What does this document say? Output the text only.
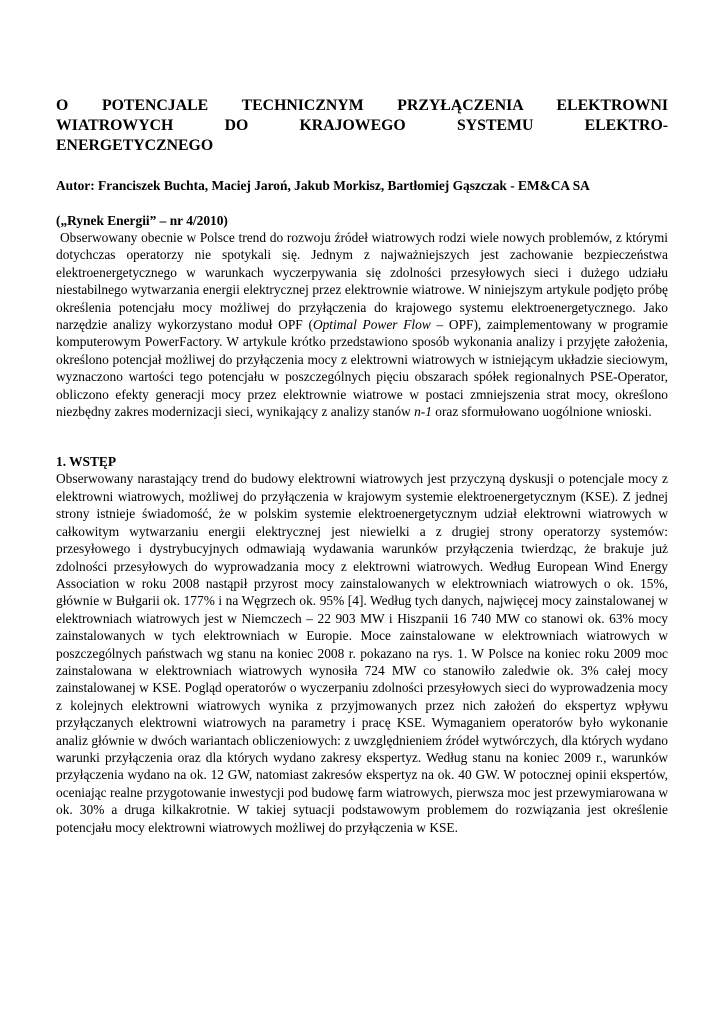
O POTENCJALE TECHNICZNYM PRZYŁĄCZENIA ELEKTROWNI
WIATROWYCH DO KRAJOWEGO SYSTEMU ELEKTRO-
ENERGETYCZNEGO

Autor: Franciszek Buchta, Maciej Jaroń, Jakub Morkisz, Bartłomiej Gąszczak - EM&CA SA

(„Rynek Energii” – nr 4/2010)

Obserwowany obecnie w Polsce trend do rozwoju źródeł wiatrowych rodzi wiele nowych problemów, z którymi dotychczas operatorzy nie spotykali się. Jednym z najważniejszych jest zachowanie bezpieczeństwa elektroenergetycznego w warunkach wyczerpywania się zdolności przesyłowych sieci i dużego udziału niestabilnego wytwarzania energii elektrycznej przez elektrownie wiatrowe. W niniejszym artykule podjęto próbę określenia potencjału mocy możliwej do przyłączenia do krajowego systemu elektroenergetycznego. Jako narzędzie analizy wykorzystano moduł OPF (Optimal Power Flow – OPF), zaimplementowany w programie komputerowym PowerFactory. W artykule krótko przedstawiono sposób wykonania analizy i przyjęte założenia, określono potencjał możliwej do przyłączenia mocy z elektrowni wiatrowych w istniejącym układzie sieciowym, wyznaczono wartości tego potencjału w poszczególnych pięciu obszarach spółek regionalnych PSE-Operator, obliczono efekty generacji mocy przez elektrownie wiatrowe w postaci zmniejszenia strat mocy, określono niezbędny zakres modernizacji sieci, wynikający z analizy stanów n-1 oraz sformułowano uogólnione wnioski.

1. WSTĘP

Obserwowany narastający trend do budowy elektrowni wiatrowych jest przyczyną dyskusji o potencjale mocy z elektrowni wiatrowych, możliwej do przyłączenia w krajowym systemie elektroenergetycznym (KSE). Z jednej strony istnieje świadomość, że w polskim systemie elektroenergetycznym udział elektrowni wiatrowych w całkowitym wytwarzaniu energii elektrycznej jest niewielki a z drugiej strony operatorzy systemów: przesyłowego i dystrybucyjnych odmawiają wydawania warunków przyłączenia twierdząc, że brakuje już zdolności przesyłowych do wyprowadzania mocy z elektrowni wiatrowych. Według European Wind Energy Association w roku 2008 nastąpił przyrost mocy zainstalowanych w elektrowniach wiatrowych o ok. 15%, głównie w Bułgarii ok. 177% i na Węgrzech ok. 95% [4]. Według tych danych, najwięcej mocy zainstalowanej w elektrowniach wiatrowych jest w Niemczech – 22 903 MW i Hiszpanii 16 740 MW co stanowi ok. 63% mocy zainstalowanych w tych elektrowniach w Europie. Moce zainstalowane w elektrowniach wiatrowych w poszczególnych państwach wg stanu na koniec 2008 r. pokazano na rys. 1. W Polsce na koniec roku 2009 moc zainstalowana w elektrowniach wiatrowych wynosiła 724 MW co stanowiło zaledwie ok. 3% całej mocy zainstalowanej w KSE. Pogląd operatorów o wyczerpaniu zdolności przesyłowych sieci do wyprowadzenia mocy z kolejnych elektrowni wiatrowych wynika z przyjmowanych przez nich założeń do ekspertyz wpływu przyłączanych elektrowni wiatrowych na parametry i pracę KSE. Wymaganiem operatorów było wykonanie analiz głównie w dwóch wariantach obliczeniowych: z uwzględnieniem źródeł wytwórczych, dla których wydano warunki przyłączenia oraz dla których wydano zakresy ekspertyz. Według stanu na koniec 2009 r., warunków przyłączenia wydano na ok. 12 GW, natomiast zakresów ekspertyz na ok. 40 GW. W potocznej opinii ekspertów, oceniając realne przygotowanie inwestycji pod budowę farm wiatrowych, pierwsza moc jest przewymiarowana w ok. 30% a druga kilkakrotnie. W takiej sytuacji podstawowym problemem do rozwiązania jest określenie potencjału mocy elektrowni wiatrowych możliwej do przyłączenia w KSE.
